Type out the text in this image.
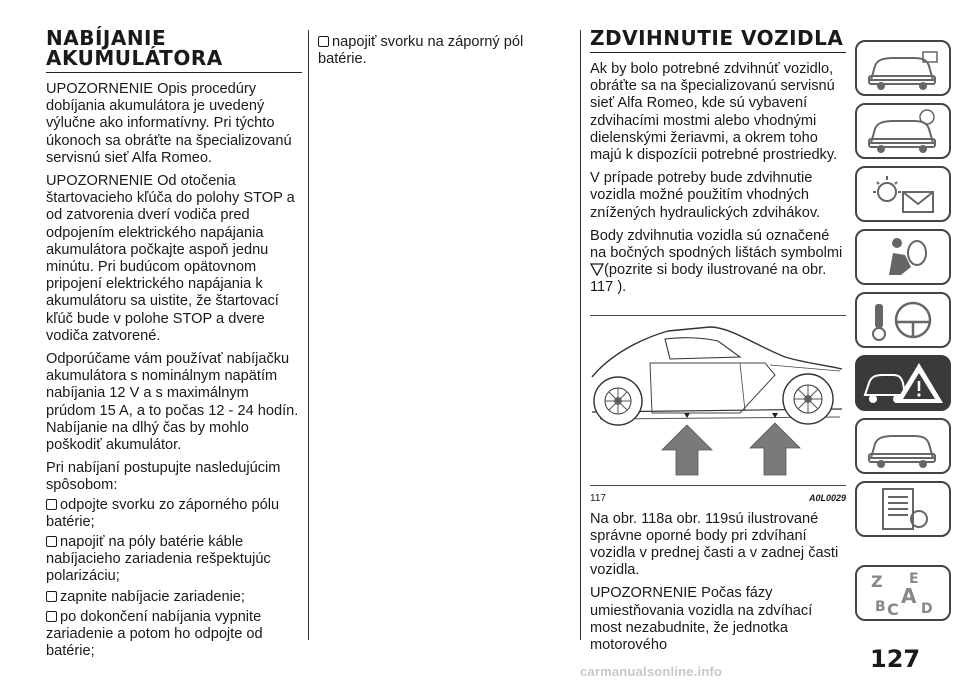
NABÍJANIE AKUMULÁTORA

UPOZORNENIE Opis procedúry dobíjania akumulátora je uvedený výlučne ako informatívny. Pri týchto úkonoch sa obráťte na špecializovanú servisnú sieť Alfa Romeo.

UPOZORNENIE Od otočenia štartovacieho kľúča do polohy STOP a od zatvorenia dverí vodiča pred odpojením elektrického napájania akumulátora počkajte aspoň jednu minútu. Pri budúcom opätovnom pripojení elektrického napájania k akumulátoru sa uistite, že štartovací kľúč bude v polohe STOP a dvere vodiča zatvorené.

Odporúčame vám používať nabíjačku akumulátora s nominálnym napätím nabíjania 12 V a s maximálnym prúdom 15 A, a to počas 12 - 24 hodín. Nabíjanie na dlhý čas by mohlo poškodiť akumulátor.

Pri nabíjaní postupujte nasledujúcim spôsobom:

odpojte svorku zo záporného pólu batérie;
napojiť na póly batérie káble nabíjacieho zariadenia rešpektujúc polarizáciu;
zapnite nabíjacie zariadenie;
po dokončení nabíjania vypnite zariadenie a potom ho odpojte od batérie;
napojiť svorku na záporný pól batérie.
ZDVIHNUTIE VOZIDLA

Ak by bolo potrebné zdvihnúť vozidlo, obráťte sa na špecializovanú servisnú sieť Alfa Romeo, kde sú vybavení zdvihacími mostmi alebo vhodnými dielenskými žeriavmi, a okrem toho majú k dispozícii potrebné prostriedky.

V prípade potreby bude zdvihnutie vozidla možné použitím vhodných znížených hydraulických zdvihákov.

Body zdvihnutia vozidla sú označené na bočných spodných lištách symbolmi
(pozrite si body ilustrované na obr. 117 ).

117	A0L0029

Na obr. 118a obr. 119sú ilustrované správne oporné body pri zdvíhaní vozidla v prednej časti a v zadnej časti vozidla.

UPOZORNENIE Počas fázy umiestňovania vozidla na zdvíhací most nezabudnite, že jednotka motorového

Z E
A
B C D
127
carmanualsonline.info
